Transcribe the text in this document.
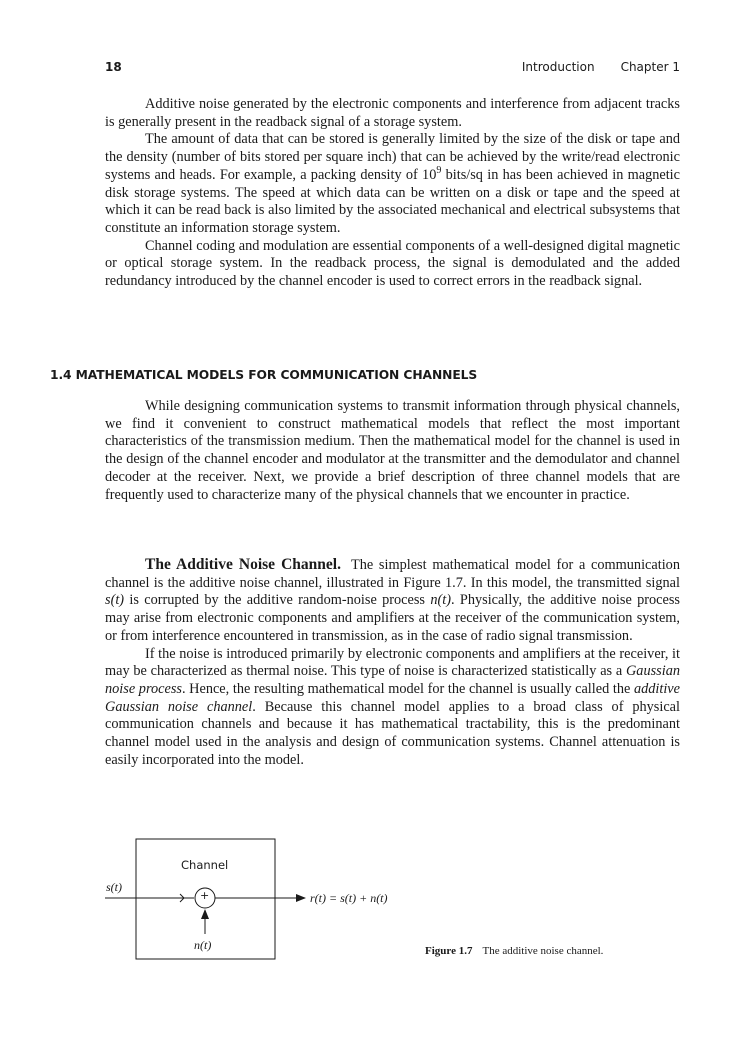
18	Introduction Chapter 1

Additive noise generated by the electronic components and interference from adjacent tracks is generally present in the readback signal of a storage system.

The amount of data that can be stored is generally limited by the size of the disk or tape and the density (number of bits stored per square inch) that can be achieved by the write/read electronic systems and heads. For example, a packing density of $10^9$ bits/sq in has been achieved in magnetic disk storage systems. The speed at which data can be written on a disk or tape and the speed at which it can be read back is also limited by the associated mechanical and electrical subsystems that constitute an information storage system.

Channel coding and modulation are essential components of a well-designed digital magnetic or optical storage system. In the readback process, the signal is demodulated and the added redundancy introduced by the channel encoder is used to correct errors in the readback signal.

1.4 MATHEMATICAL MODELS FOR COMMUNICATION CHANNELS

While designing communication systems to transmit information through physical channels, we find it convenient to construct mathematical models that reflect the most important characteristics of the transmission medium. Then the mathematical model for the channel is used in the design of the channel encoder and modulator at the transmitter and the demodulator and channel decoder at the receiver. Next, we provide a brief description of three channel models that are frequently used to characterize many of the physical channels that we encounter in practice.

The Additive Noise Channel. The simplest mathematical model for a communication channel is the additive noise channel, illustrated in Figure 1.7. In this model, the transmitted signal s(t) is corrupted by the additive random-noise process n(t). Physically, the additive noise process may arise from electronic components and amplifiers at the receiver of the communication system, or from interference encountered in transmission, as in the case of radio signal transmission.

If the noise is introduced primarily by electronic components and amplifiers at the receiver, it may be characterized as thermal noise. This type of noise is characterized statistically as a Gaussian noise process. Hence, the resulting mathematical model for the channel is usually called the additive Gaussian noise channel. Because this channel model applies to a broad class of physical communication channels and because it has mathematical tractability, this is the predominant channel model used in the analysis and design of communication systems. Channel attenuation is easily incorporated into the model.

Channel
+
s(t)
n(t)
r(t) = s(t) + n(t)
Figure 1.7 The additive noise channel.
